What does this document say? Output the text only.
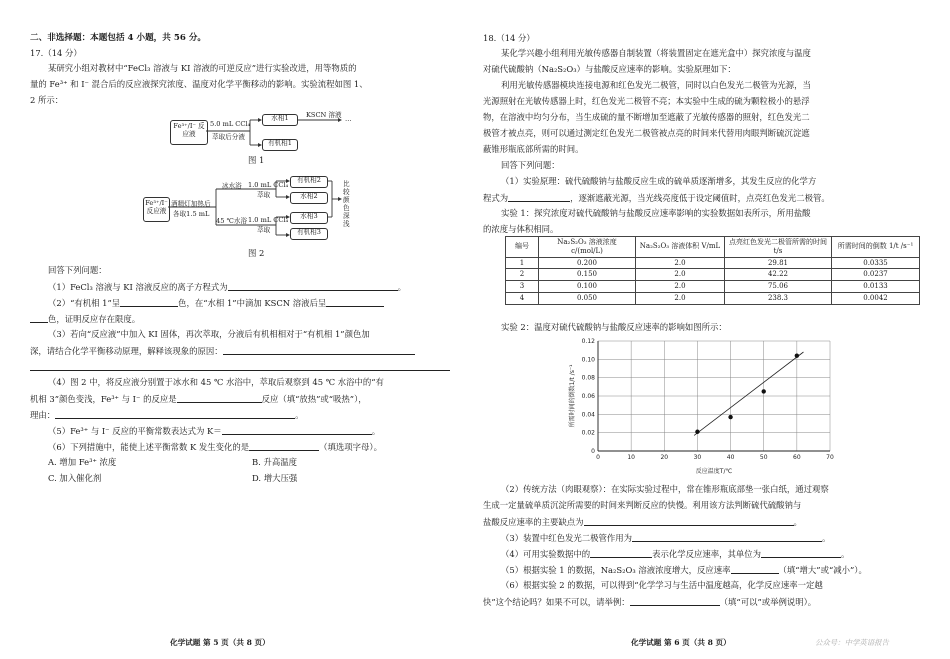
二、非选择题：本题包括 4 小题，共 56 分。
17.（14 分）
某研究小组对教材中“FeCl₃ 溶液与 KI 溶液的可逆反应”进行实验改进，用等物质的
量的 Fe³⁺ 和 I⁻ 混合后的反应液探究浓度、温度对化学平衡移动的影响。实验流程如图 1、
2 所示：
Fe³⁺/I⁻ 反应液
5.0 mL CCl₄
萃取后分液
水相1	KSCN 溶液 …
有机相1
图 1
Fe³⁺/I⁻ 反应液
酒精灯加热后
各取1.5 mL
冰水浴
45 ℃水浴
1.0 mL CCl₄
萃取
1.0 mL CCl₄
萃取
有机相2
水相2
水相3
有机相3
比较颜色深浅
图 2
回答下列问题：
（1）FeCl₃ 溶液与 KI 溶液反应的离子方程式为	。
（2）“有机相 1”呈	色，在“水相 1”中滴加 KSCN 溶液后呈
色，证明反应存在限度。
（3）若向“反应液”中加入 KI 固体，再次萃取，分液后有机相相对于“有机相 1”颜色加
深，请结合化学平衡移动原理，解释该现象的原因：
（4）图 2 中，将反应液分别置于冰水和 45 ℃ 水浴中，萃取后观察到 45 ℃ 水浴中的“有
机相 3”颜色变浅，Fe³⁺ 与 I⁻ 的反应是	反应（填“放热”或“吸热”），
理由：	。
（5）Fe³⁺ 与 I⁻ 反应的平衡常数表达式为 K＝	。
（6）下列措施中，能使上述平衡常数 K 发生变化的是	（填选项字母）。
A. 增加 Fe³⁺ 浓度	B. 升高温度
C. 加入催化剂	D. 增大压强
化学试题 第 5 页（共 8 页）
18.（14 分）
某化学兴趣小组利用光敏传感器自制装置（将装置固定在遮光盒中）探究浓度与温度
对硫代硫酸钠（Na₂S₂O₃）与盐酸反应速率的影响。实验原理如下：
利用光敏传感器模块连接电源和红色发光二极管，同时以白色发光二极管为光源，当
光源照射在光敏传感器上时，红色发光二极管不亮；本实验中生成的硫为颗粒极小的悬浮
物，在溶液中均匀分布，当生成硫的量不断增加至遮蔽了光敏传感器的照射，红色发光二
极管才被点亮，则可以通过测定红色发光二极管被点亮的时间来代替用肉眼判断硫沉淀遮
蔽锥形瓶底部所需的时间。
回答下列问题：
（1）实验原理：硫代硫酸钠与盐酸反应生成的硫单质逐渐增多，其发生反应的化学方
程式为	，逐渐遮蔽光源，当光线亮度低于设定阈值时，点亮红色发光二极管。
实验 1：探究浓度对硫代硫酸钠与盐酸反应速率影响的实验数据如表所示，所用盐酸
的浓度与体积相同。
编号	Na₂S₂O₃ 溶液浓度 c/(mol/L)	Na₂S₂O₃ 溶液体积 V/mL	点亮红色发光二极管所需的时间 t/s	所需时间的倒数 1/t /s⁻¹
1	0.200	2.0	29.81	0.0335
2	0.150	2.0	42.22	0.0237
3	0.100	2.0	75.06	0.0133
4	0.050	2.0	238.3	0.0042
实验 2：温度对硫代硫酸钠与盐酸反应速率的影响如图所示：
0	10	20	30	40	50	60	70
0
0.02
0.04
0.06
0.08
0.10
0.12
反应温度T/℃
所需时间的倒数1/t /s⁻¹
（2）传统方法（肉眼观察）：在实际实验过程中，常在锥形瓶底部垫一张白纸，通过观察
生成一定量硫单质沉淀所需要的时间来判断反应的快慢。利用该方法判断硫代硫酸钠与
盐酸反应速率的主要缺点为	。
（3）装置中红色发光二极管作用为	。
（4）可用实验数据中的	表示化学反应速率，其单位为	。
（5）根据实验 1 的数据，Na₂S₂O₃ 溶液浓度增大，反应速率	（填“增大”或“减小”）。
（6）根据实验 2 的数据，可以得到“化学学习与生活中温度越高，化学反应速率一定越
快”这个结论吗？如果不可以，请举例：	（填“可以”或举例说明）。
化学试题 第 6 页（共 8 页）	公众号：中学英语报告
